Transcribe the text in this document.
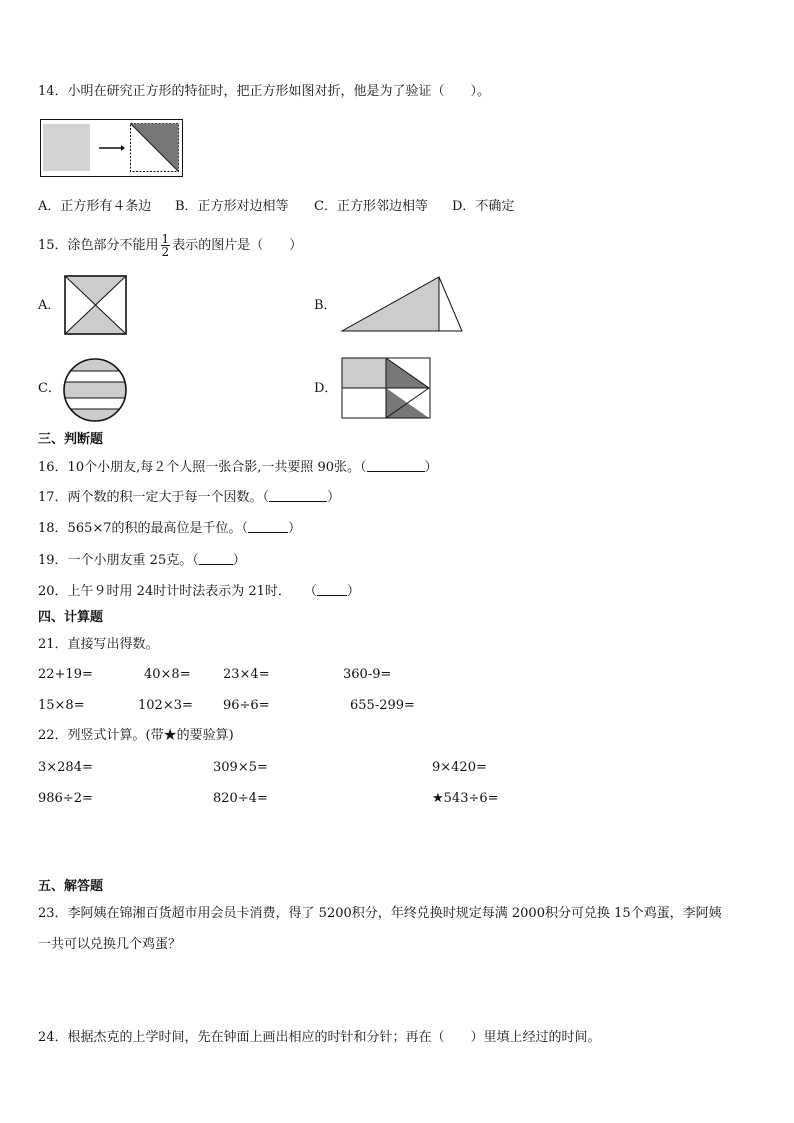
14．小明在研究正方形的特征时，把正方形如图对折，他是为了验证（　　）。
A．正方形有４条边 B．正方形对边相等 C．正方形邻边相等 D．不确定
15．涂色部分不能用 $\frac{1}{2}$ 表示的图片是（　　）
A．	B．
C．	D．
三、判断题
16．10个小朋友,每２个人照一张合影,一共要照 90张。（	）
17．两个数的积一定大于每一个因数。（	）
18．565×7的积的最高位是千位。（	）
19．一个小朋友重 25克。（	）
20．上午９时用 24时计时法表示为 21时．　　（ ）
四、计算题
21．直接写出得数。
22+19=	40×8= 23×4=	360-9=
15×8=	102×3= 96÷6=	655-299=
22．列竖式计算。(带★的要验算)
3×284=	309×5=	9×420=
986÷2=	820÷4=	★543÷6=
五、解答题
23．李阿姨在锦湘百货超市用会员卡消费，得了 5200积分，年终兑换时规定每满 2000积分可兑换 15个鸡蛋，李阿姨
一共可以兑换几个鸡蛋？
24．根据杰克的上学时间，先在钟面上画出相应的时针和分针；再在（　　）里填上经过的时间。
